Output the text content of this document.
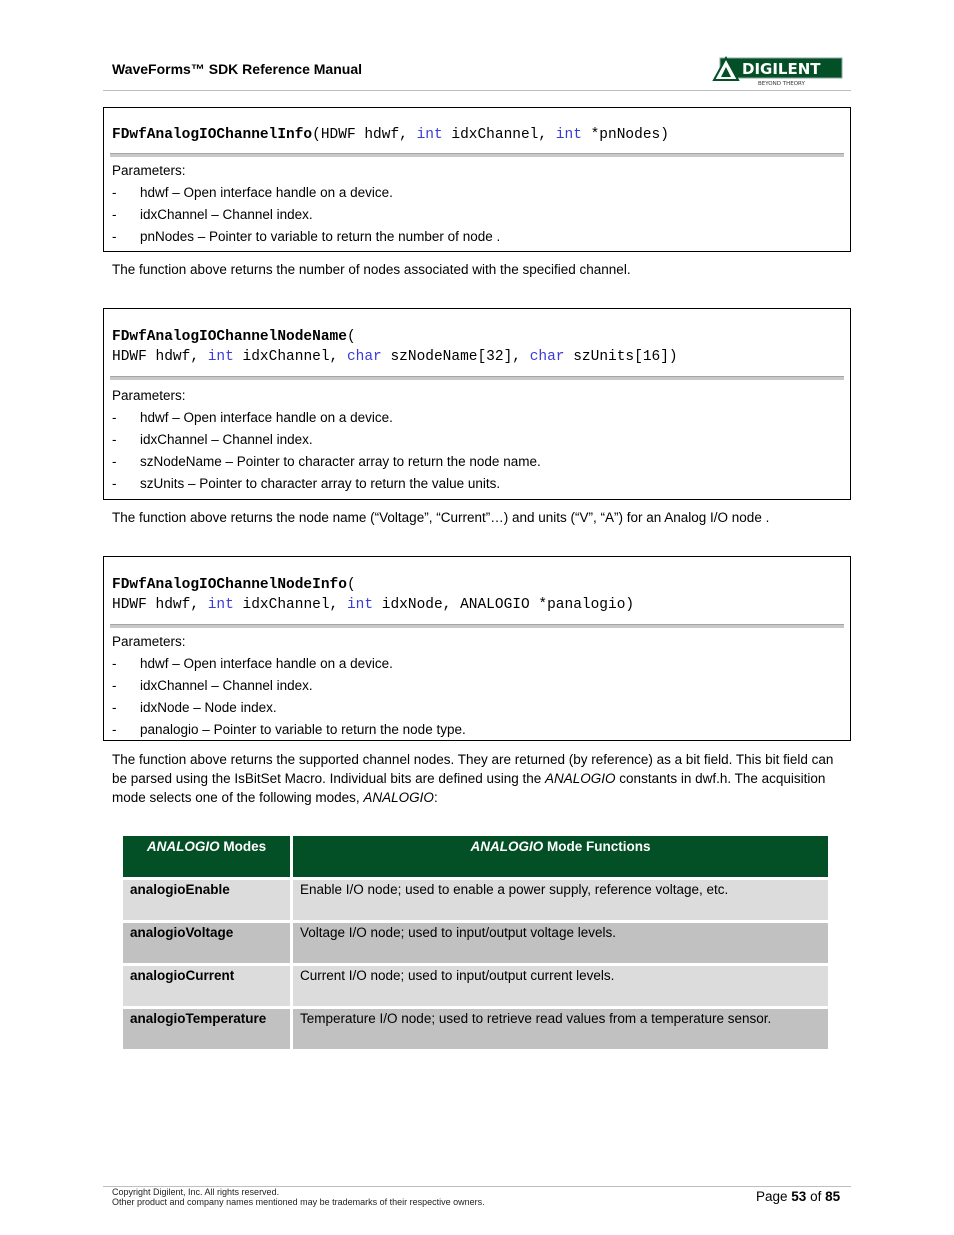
WaveForms™ SDK Reference Manual	DIGILENT
BEYOND THEORY
FDwfAnalogIOChannelInfo(HDWF hdwf, int idxChannel, int *pnNodes)
Parameters:
-	hdwf – Open interface handle on a device.
-	idxChannel – Channel index.
-	pnNodes – Pointer to variable to return the number of node .
The function above returns the number of nodes associated with the specified channel.
FDwfAnalogIOChannelNodeName(
HDWF hdwf, int idxChannel, char szNodeName[32], char szUnits[16])
Parameters:
-	hdwf – Open interface handle on a device.
-	idxChannel – Channel index.
-	szNodeName – Pointer to character array to return the node name.
-	szUnits – Pointer to character array to return the value units.
The function above returns the node name (“Voltage”, “Current”…) and units (“V”, “A”) for an Analog I/O node .
FDwfAnalogIOChannelNodeInfo(
HDWF hdwf, int idxChannel, int idxNode, ANALOGIO *panalogio)
Parameters:
-	hdwf – Open interface handle on a device.
-	idxChannel – Channel index.
-	idxNode – Node index.
-	panalogio – Pointer to variable to return the node type.
The function above returns the supported channel nodes. They are returned (by reference) as a bit field. This bit field can be parsed using the IsBitSet Macro. Individual bits are defined using the ANALOGIO constants in dwf.h. The acquisition mode selects one of the following modes, ANALOGIO:
ANALOGIO Modes	ANALOGIO Mode Functions
analogioEnable	Enable I/O node; used to enable a power supply, reference voltage, etc.
analogioVoltage	Voltage I/O node; used to input/output voltage levels.
analogioCurrent	Current I/O node; used to input/output current levels.
analogioTemperature	Temperature I/O node; used to retrieve read values from a temperature sensor.
Copyright Digilent, Inc. All rights reserved.
Other product and company names mentioned may be trademarks of their respective owners.	Page 53 of 85
